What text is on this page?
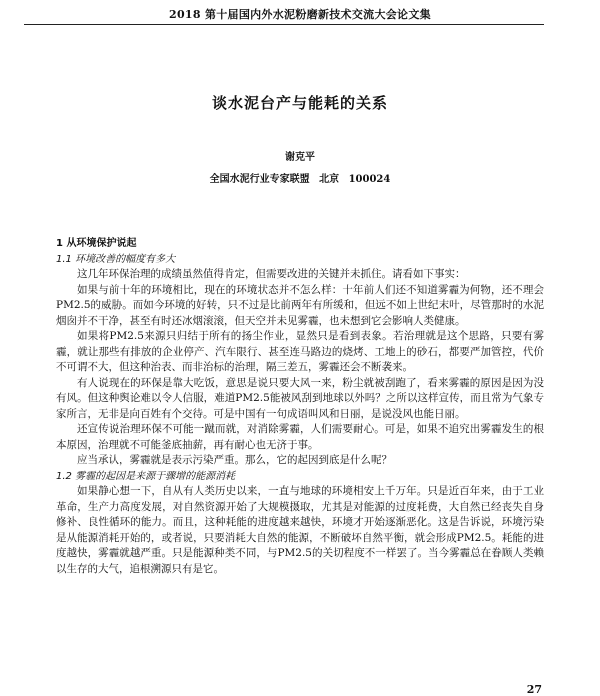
2018 第十届国内外水泥粉磨新技术交流大会论文集
谈水泥台产与能耗的关系
谢克平
全国水泥行业专家联盟 北京 100024

1 从环境保护说起

1.1 环境改善的幅度有多大

这几年环保治理的成绩虽然值得肯定，但需要改进的关键并未抓住。请看如下事实：

如果与前十年的环境相比，现在的环境状态并不怎么样：十年前人们还不知道雾霾为何物，还不理会PM2.5的威胁。而如今环境的好转，只不过是比前两年有所缓和，但远不如上世纪末叶，尽管那时的水泥烟囱并不干净，甚至有时还冰烟滚滚，但天空并未见雾霾，也未想到它会影响人类健康。

如果将PM2.5来源只归结于所有的扬尘作业，显然只是看到表象。若治理就是这个思路，只要有雾霾，就让那些有排放的企业停产、汽车限行、甚至连马路边的烧烤、工地上的砂石，都要严加管控，代价不可谓不大，但这种治表、而非治标的治理，隔三差五，雾霾还会不断袭来。

有人说现在的环保是靠大吃饭，意思是说只要大风一来，粉尘就被刮跑了，看来雾霾的原因是因为没有风。但这种舆论难以令人信服，难道PM2.5能被风刮到地球以外吗？之所以这样宣传，而且常为气象专家所言，无非是向百姓有个交待。可是中国有一句成语叫风和日丽，是说没风也能日丽。

还宣传说治理环保不可能一蹴而就，对消除雾霾，人们需要耐心。可是，如果不追究出雾霾发生的根本原因，治理就不可能釜底抽薪，再有耐心也无济于事。

应当承认，雾霾就是表示污染严重。那么，它的起因到底是什么呢？

1.2 雾霾的起因是来源于骤增的能源消耗

如果静心想一下，自从有人类历史以来，一直与地球的环境相安上千万年。只是近百年来，由于工业革命，生产力高度发展，对自然资源开始了大规模摄取，尤其是对能源的过度耗费，大自然已经丧失自身修补、良性循环的能力。而且，这种耗能的进度越来越快，环境才开始逐渐恶化。这是告诉说，环境污染是从能源消耗开始的，或者说，只要消耗大自然的能源，不断破坏自然平衡，就会形成PM2.5。耗能的进度越快，雾霾就越严重。只是能源种类不同，与PM2.5的关切程度不一样罢了。当今雾霾总在眷顾人类赖以生存的大气，追根溯源只有是它。

27
